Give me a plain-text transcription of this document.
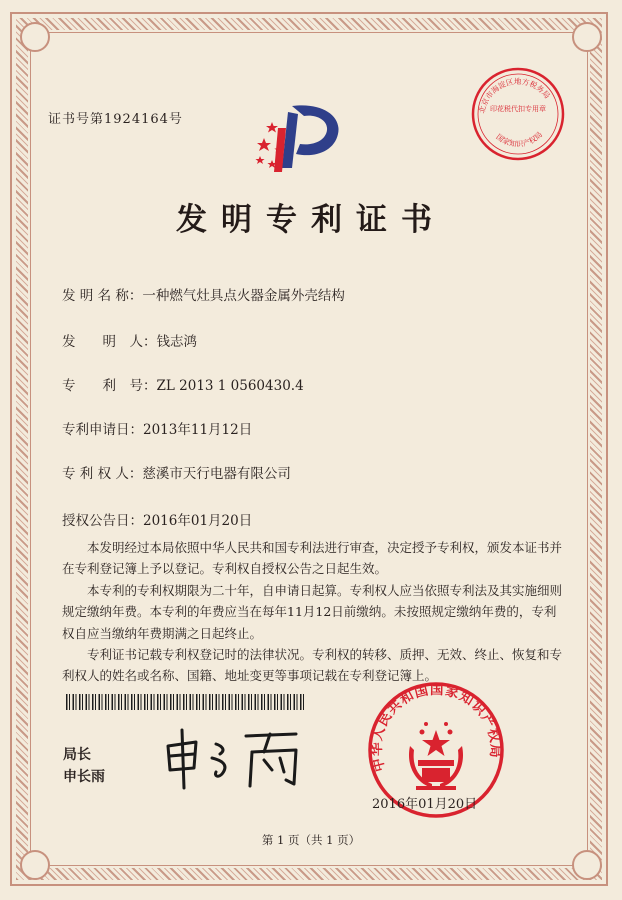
证书号第1924164号
北京市海淀区地方税务局
印花税代扣专用章
国家知识产权局
发明专利证书
发 明 名 称：一种燃气灶具点火器金属外壳结构
发　　明　人：钱志鸿
专　　利　号：ZL 2013 1 0560430.4
专利申请日：2013年11月12日
专 利 权 人：慈溪市天行电器有限公司
授权公告日：2016年01月20日

本发明经过本局依照中华人民共和国专利法进行审查，决定授予专利权，颁发本证书并在专利登记簿上予以登记。专利权自授权公告之日起生效。

本专利的专利权期限为二十年，自申请日起算。专利权人应当依照专利法及其实施细则规定缴纳年费。本专利的年费应当在每年11月12日前缴纳。未按照规定缴纳年费的，专利权自应当缴纳年费期满之日起终止。

专利证书记载专利权登记时的法律状况。专利权的转移、质押、无效、终止、恢复和专利权人的姓名或名称、国籍、地址变更等事项记载在专利登记簿上。

局长
申长雨
中华人民共和国国家知识产权局
2016年01月20日
第 1 页（共 1 页）
